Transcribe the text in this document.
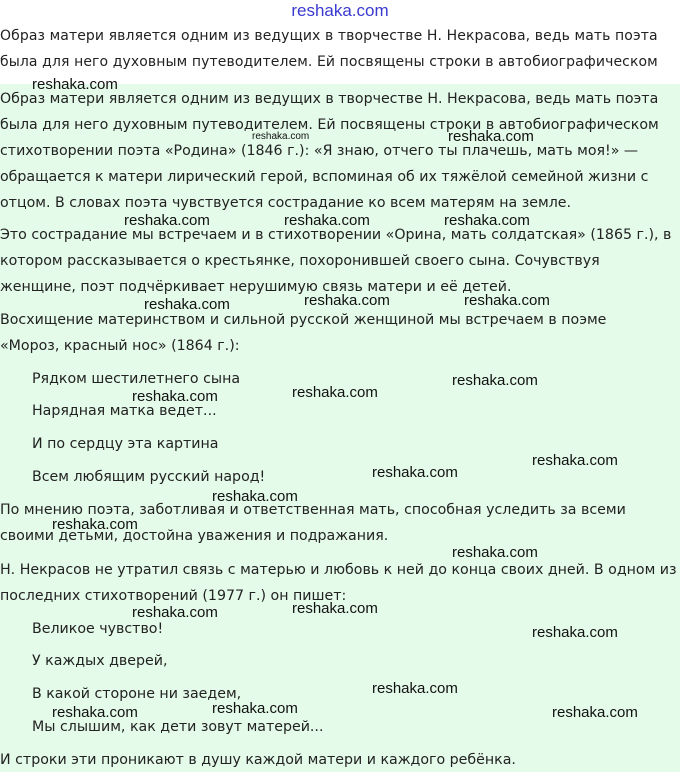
reshaka.com
Образ матери является одним из ведущих в творчестве Н. Некрасова, ведь мать поэта
была для него духовным путеводителем. Ей посвящены строки в автобиографическом
Образ матери является одним из ведущих в творчестве Н. Некрасова, ведь мать поэта
была для него духовным путеводителем. Ей посвящены строки в автобиографическом
стихотворении поэта «Родина» (1846 г.): «Я знаю, отчего ты плачешь, мать моя!» —
обращается к матери лирический герой, вспоминая об их тяжёлой семейной жизни с
отцом. В словах поэта чувствуется сострадание ко всем матерям на земле.
Это сострадание мы встречаем и в стихотворении «Орина, мать солдатская» (1865 г.), в
котором рассказывается о крестьянке, похоронившей своего сына. Сочувствуя
женщине, поэт подчёркивает нерушимую связь матери и её детей.
Восхищение материнством и сильной русской женщиной мы встречаем в поэме
«Мороз, красный нос» (1864 г.):
Рядком шестилетнего сына
Нарядная матка ведет...
И по сердцу эта картина
Всем любящим русский народ!
По мнению поэта, заботливая и ответственная мать, способная уследить за всеми
своими детьми, достойна уважения и подражания.
Н. Некрасов не утратил связь с матерью и любовь к ней до конца своих дней. В одном из
последних стихотворений (1977 г.) он пишет:
Великое чувство!
У каждых дверей,
В какой стороне ни заедем,
Мы слышим, как дети зовут матерей...
И строки эти проникают в душу каждой матери и каждого ребёнка.
reshaka.com
reshaka.com	reshaka.com
reshaka.com	reshaka.com	reshaka.com
reshaka.com	reshaka.com	reshaka.com
reshaka.com
reshaka.com
reshaka.com
reshaka.com
reshaka.com
reshaka.com
reshaka.com
reshaka.com
reshaka.com	reshaka.com
reshaka.com
reshaka.com
reshaka.com	reshaka.com	reshaka.com
